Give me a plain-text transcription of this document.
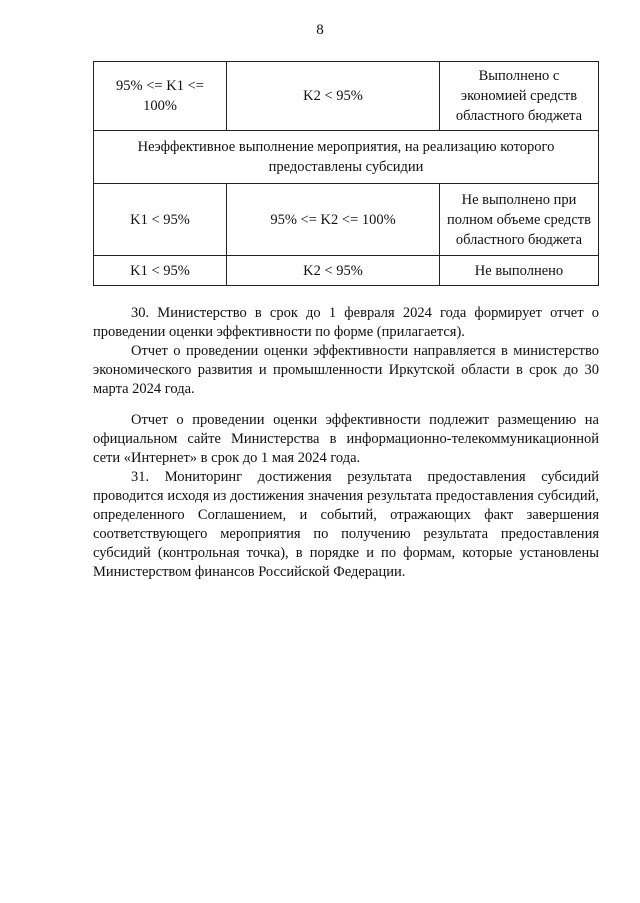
8
95% <= K1 <= 100%	K2 < 95%	Выполнено с экономией средств областного бюджета
Неэффективное выполнение мероприятия, на реализацию которого предоставлены субсидии		
K1 < 95%	95% <= K2 <= 100%	Не выполнено при полном объеме средств областного бюджета
K1 < 95%	K2 < 95%	Не выполнено

30. Министерство в срок до 1 февраля 2024 года формирует отчет о проведении оценки эффективности по форме (прилагается).

Отчет о проведении оценки эффективности направляется в министерство экономического развития и промышленности Иркутской области в срок до 30 марта 2024 года.

Отчет о проведении оценки эффективности подлежит размещению на официальном сайте Министерства в информационно-телекоммуникационной сети «Интернет» в срок до 1 мая 2024 года.

31. Мониторинг достижения результата предоставления субсидий проводится исходя из достижения значения результата предоставления субсидий, определенного Соглашением, и событий, отражающих факт завершения соответствующего мероприятия по получению результата предоставления субсидий (контрольная точка), в порядке и по формам, которые установлены Министерством финансов Российской Федерации.
